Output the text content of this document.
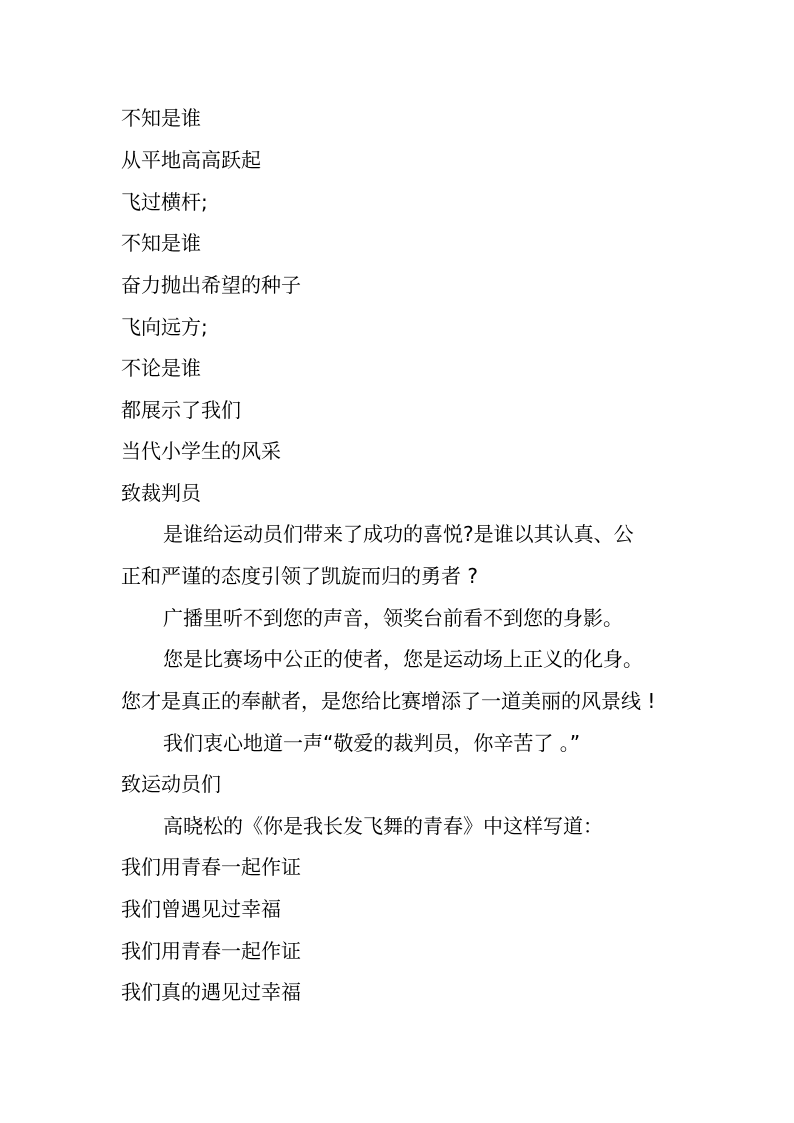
不知是谁
从平地高高跃起
飞过横杆;
不知是谁
奋力抛出希望的种子
飞向远方;
不论是谁
都展示了我们
当代小学生的风采
致裁判员
是谁给运动员们带来了成功的喜悦?是谁以其认真、公
正和严谨的态度引领了凯旋而归的勇者 ?
广播里听不到您的声音，领奖台前看不到您的身影。
您是比赛场中公正的使者，您是运动场上正义的化身。
您才是真正的奉献者，是您给比赛增添了一道美丽的风景线 !
我们衷心地道一声“敬爱的裁判员，你辛苦了 。”
致运动员们
高晓松的《你是我长发飞舞的青春》中这样写道：
我们用青春一起作证
我们曾遇见过幸福
我们用青春一起作证
我们真的遇见过幸福
